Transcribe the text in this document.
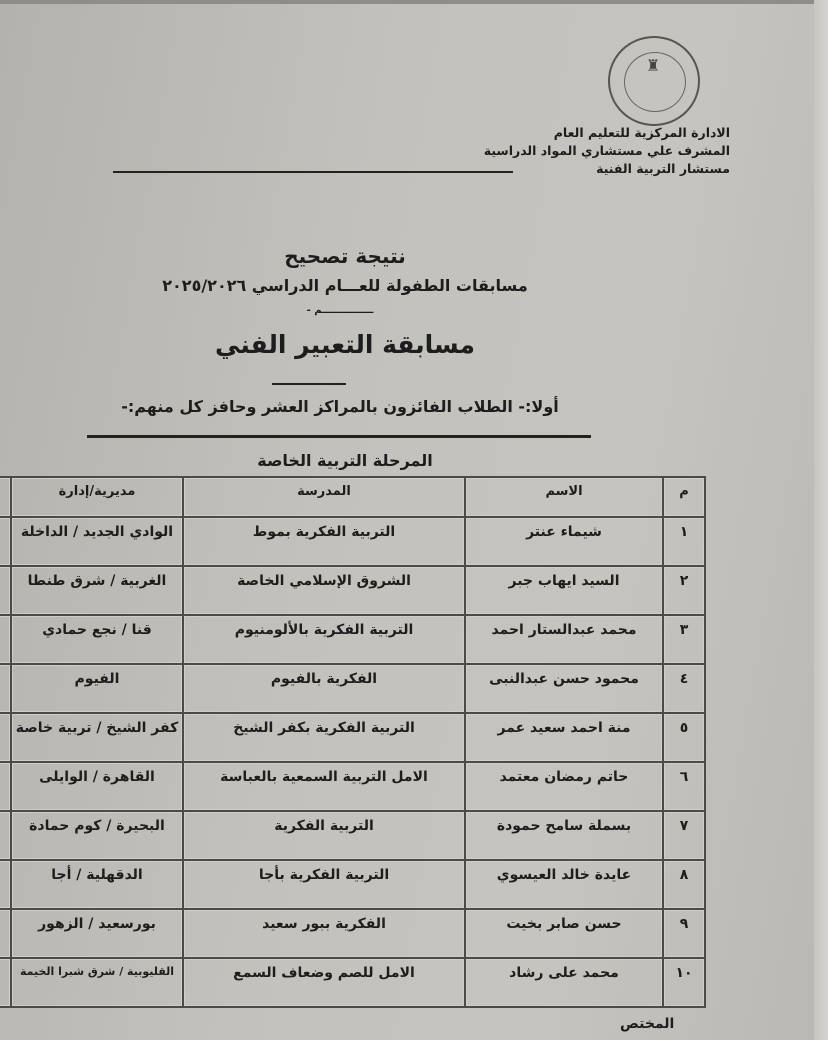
♜
الادارة المركزية للتعليم العام
المشرف علي مستشاري المواد الدراسية
مستشار التربية الفنية
نتيجة تصحيح
مسابقات الطفولة للعـــام الدراسي ٢٠٢٥/٢٠٢٦
ـــــــــــــــم -
مسابقة التعبير الفني
أولا:- الطلاب الفائزون بالمراكز العشر وحافز كل منهم:-
المرحلة التربية الخاصة
م	الاسم	المدرسة	مديرية/إدارة	
١	شيماء عنتر	التربية الفكرية بموط	الوادي الجديد / الداخلة	
٢	السيد ايهاب جبر	الشروق الإسلامي الخاصة	الغربية / شرق طنطا	
٣	محمد عبدالستار احمد	التربية الفكرية بالألومنيوم	قنا / نجع حمادي	
٤	محمود حسن عبدالنبى	الفكرية بالفيوم	الفيوم	
٥	منة احمد سعيد عمر	التربية الفكرية بكفر الشيخ	كفر الشيخ / تربية خاصة	
٦	حاتم رمضان معتمد	الامل التربية السمعية بالعباسة	القاهرة / الوايلى	
٧	بسملة سامح حمودة	التربية الفكرية	البحيرة / كوم حمادة	
٨	عايدة خالد العيسوي	التربية الفكرية بأجا	الدقهلية / أجا	
٩	حسن صابر بخيت	الفكرية ببور سعيد	بورسعيد / الزهور	
١٠	محمد على رشاد	الامل للصم وضعاف السمع	القليوبية / شرق شبرا الخيمة	
المختص
